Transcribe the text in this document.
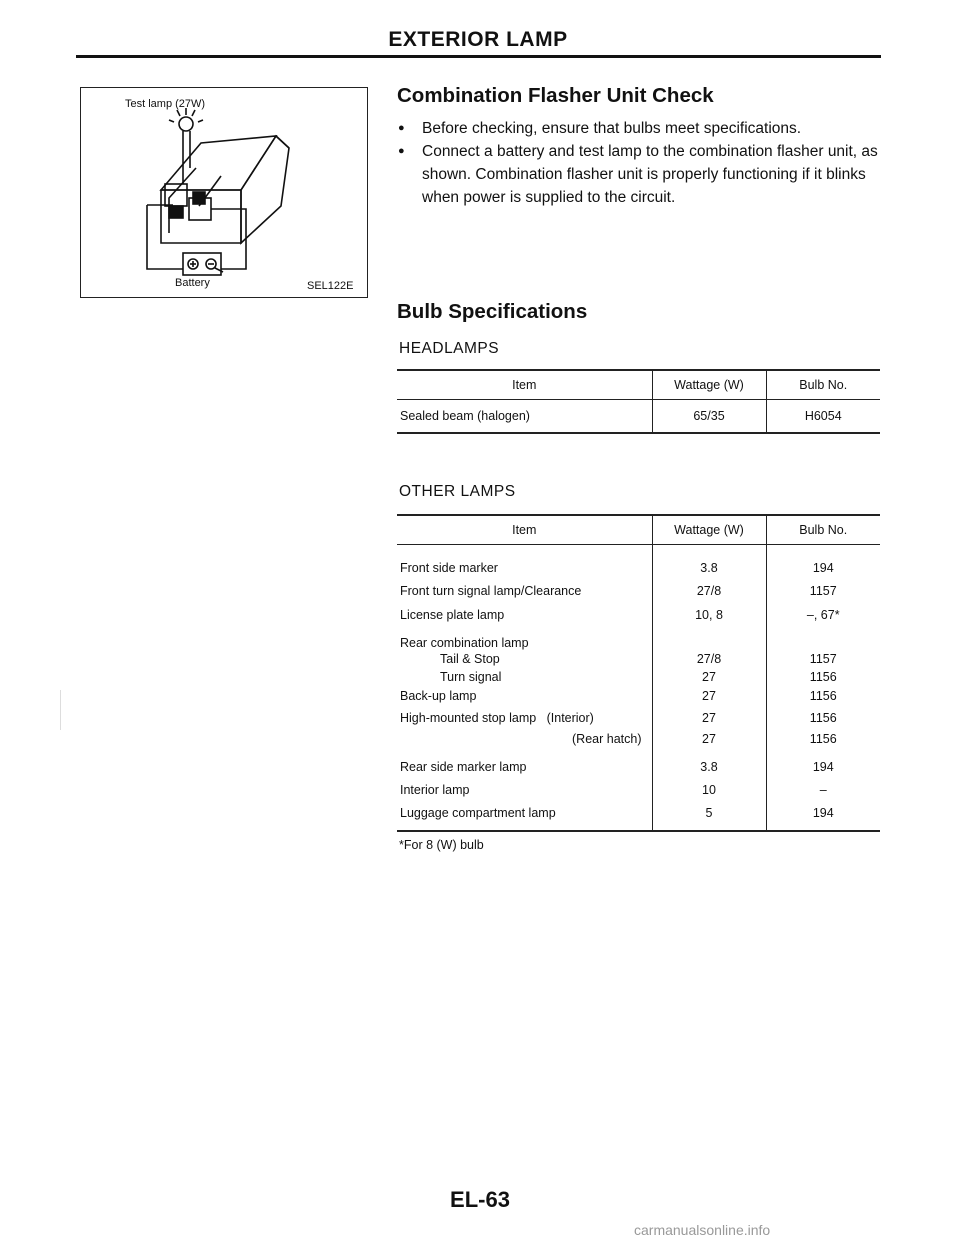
EXTERIOR LAMP
Test lamp (27W)
Battery	SEL122E
Combination Flasher Unit Check
● Before checking, ensure that bulbs meet specifications.
● Connect a battery and test lamp to the combination flasher unit, as shown. Combination flasher unit is properly functioning if it blinks when power is supplied to the circuit.
Bulb Specifications
HEADLAMPS
Item	Wattage (W)	Bulb No.
Sealed beam (halogen)	65/35	H6054
OTHER LAMPS
Item	Wattage (W)	Bulb No.
Front side marker	3.8	194
Front turn signal lamp/Clearance	27/8	1157
License plate lamp	10, 8	–, 67*
Rear combination lamp		
Tail & Stop	27/8	1157
Turn signal	27	1156
Back-up lamp	27	1156
High-mounted stop lamp   (Interior)	27	1156
(Rear hatch)	27	1156
Rear side marker lamp	3.8	194
Interior lamp	10	–
Luggage compartment lamp	5	194
*For 8 (W) bulb
EL-63
carmanualsonline.info
